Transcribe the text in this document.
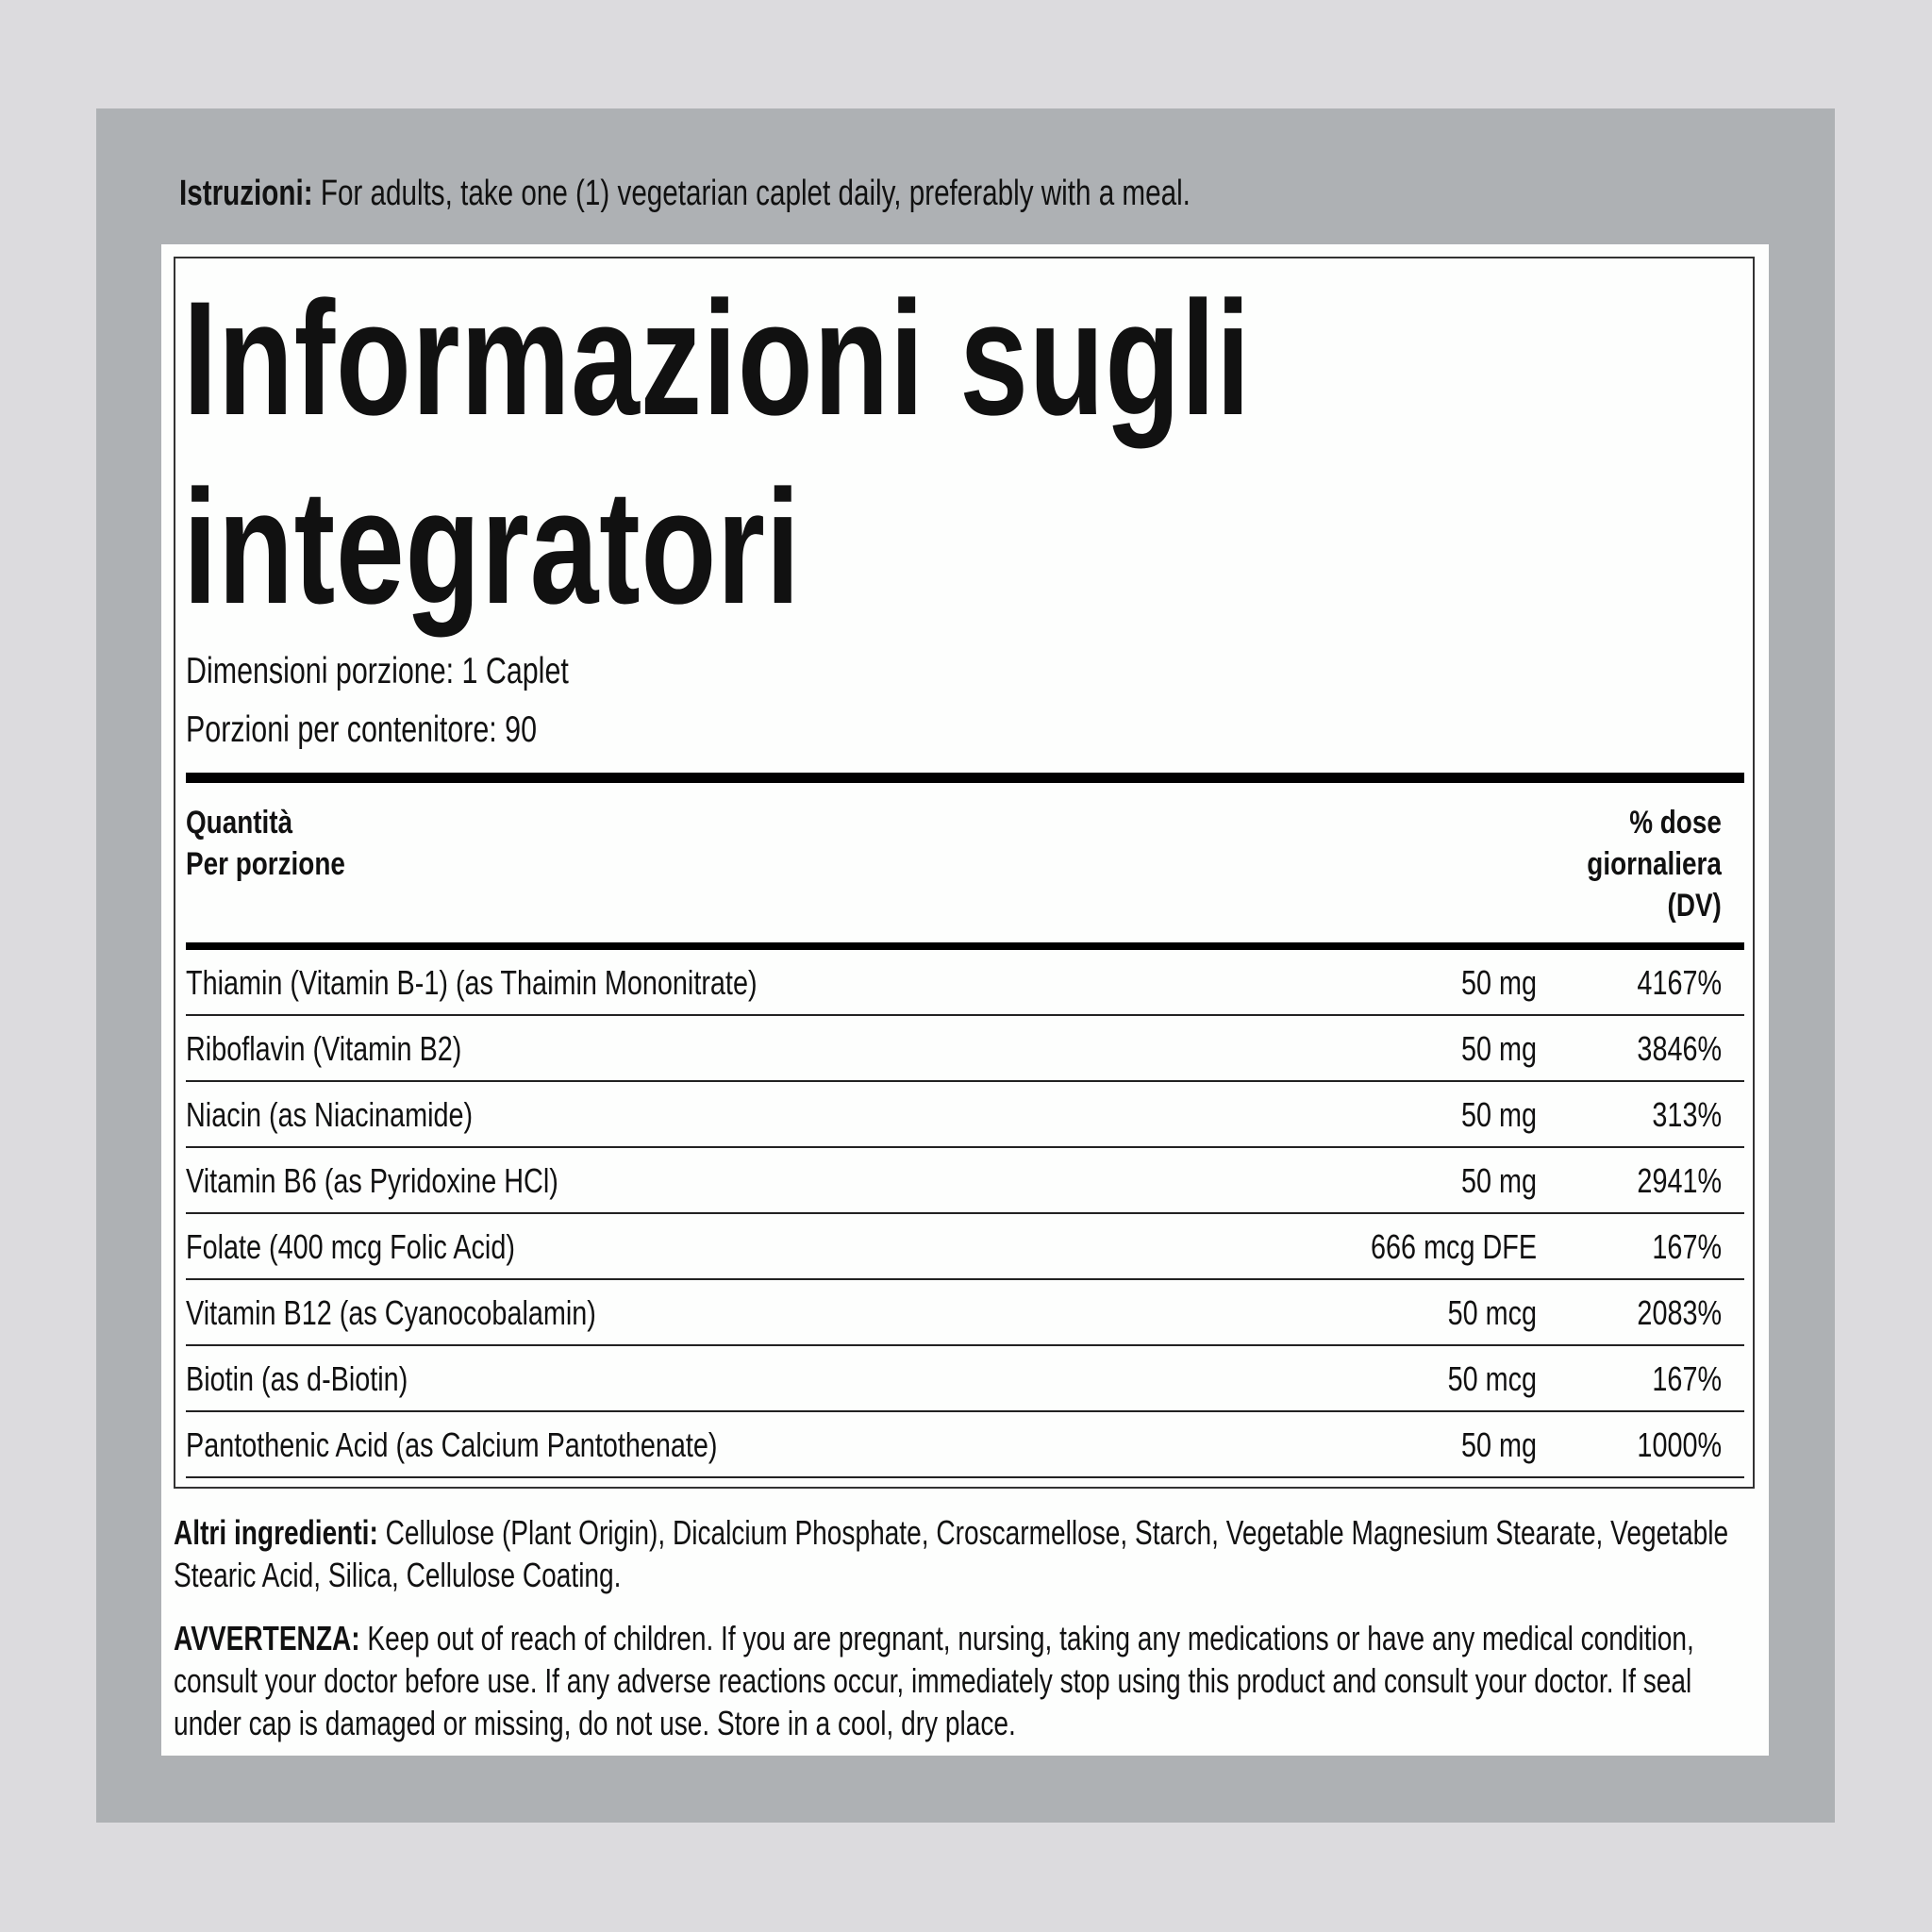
Istruzioni: For adults, take one (1) vegetarian caplet daily, preferably with a meal.
Informazioni sugli
integratori
Dimensioni porzione: 1 Caplet
Porzioni per contenitore: 90
Quantità
Per porzione
% dose
giornaliera
(DV)
Thiamin (Vitamin B-1) (as Thaimin Mononitrate)	50 mg	4167%
Riboflavin (Vitamin B2)	50 mg	3846%
Niacin (as Niacinamide)	50 mg	313%
Vitamin B6 (as Pyridoxine HCl)	50 mg	2941%
Folate (400 mcg Folic Acid)	666 mcg DFE	167%
Vitamin B12 (as Cyanocobalamin)	50 mcg	2083%
Biotin (as d-Biotin)	50 mcg	167%
Pantothenic Acid (as Calcium Pantothenate)	50 mg	1000%
Altri ingredienti: Cellulose (Plant Origin), Dicalcium Phosphate, Croscarmellose, Starch, Vegetable Magnesium Stearate, Vegetable Stearic Acid, Silica, Cellulose Coating.
AVVERTENZA: Keep out of reach of children. If you are pregnant, nursing, taking any medications or have any medical condition, consult your doctor before use. If any adverse reactions occur, immediately stop using this product and consult your doctor. If seal under cap is damaged or missing, do not use. Store in a cool, dry place.
